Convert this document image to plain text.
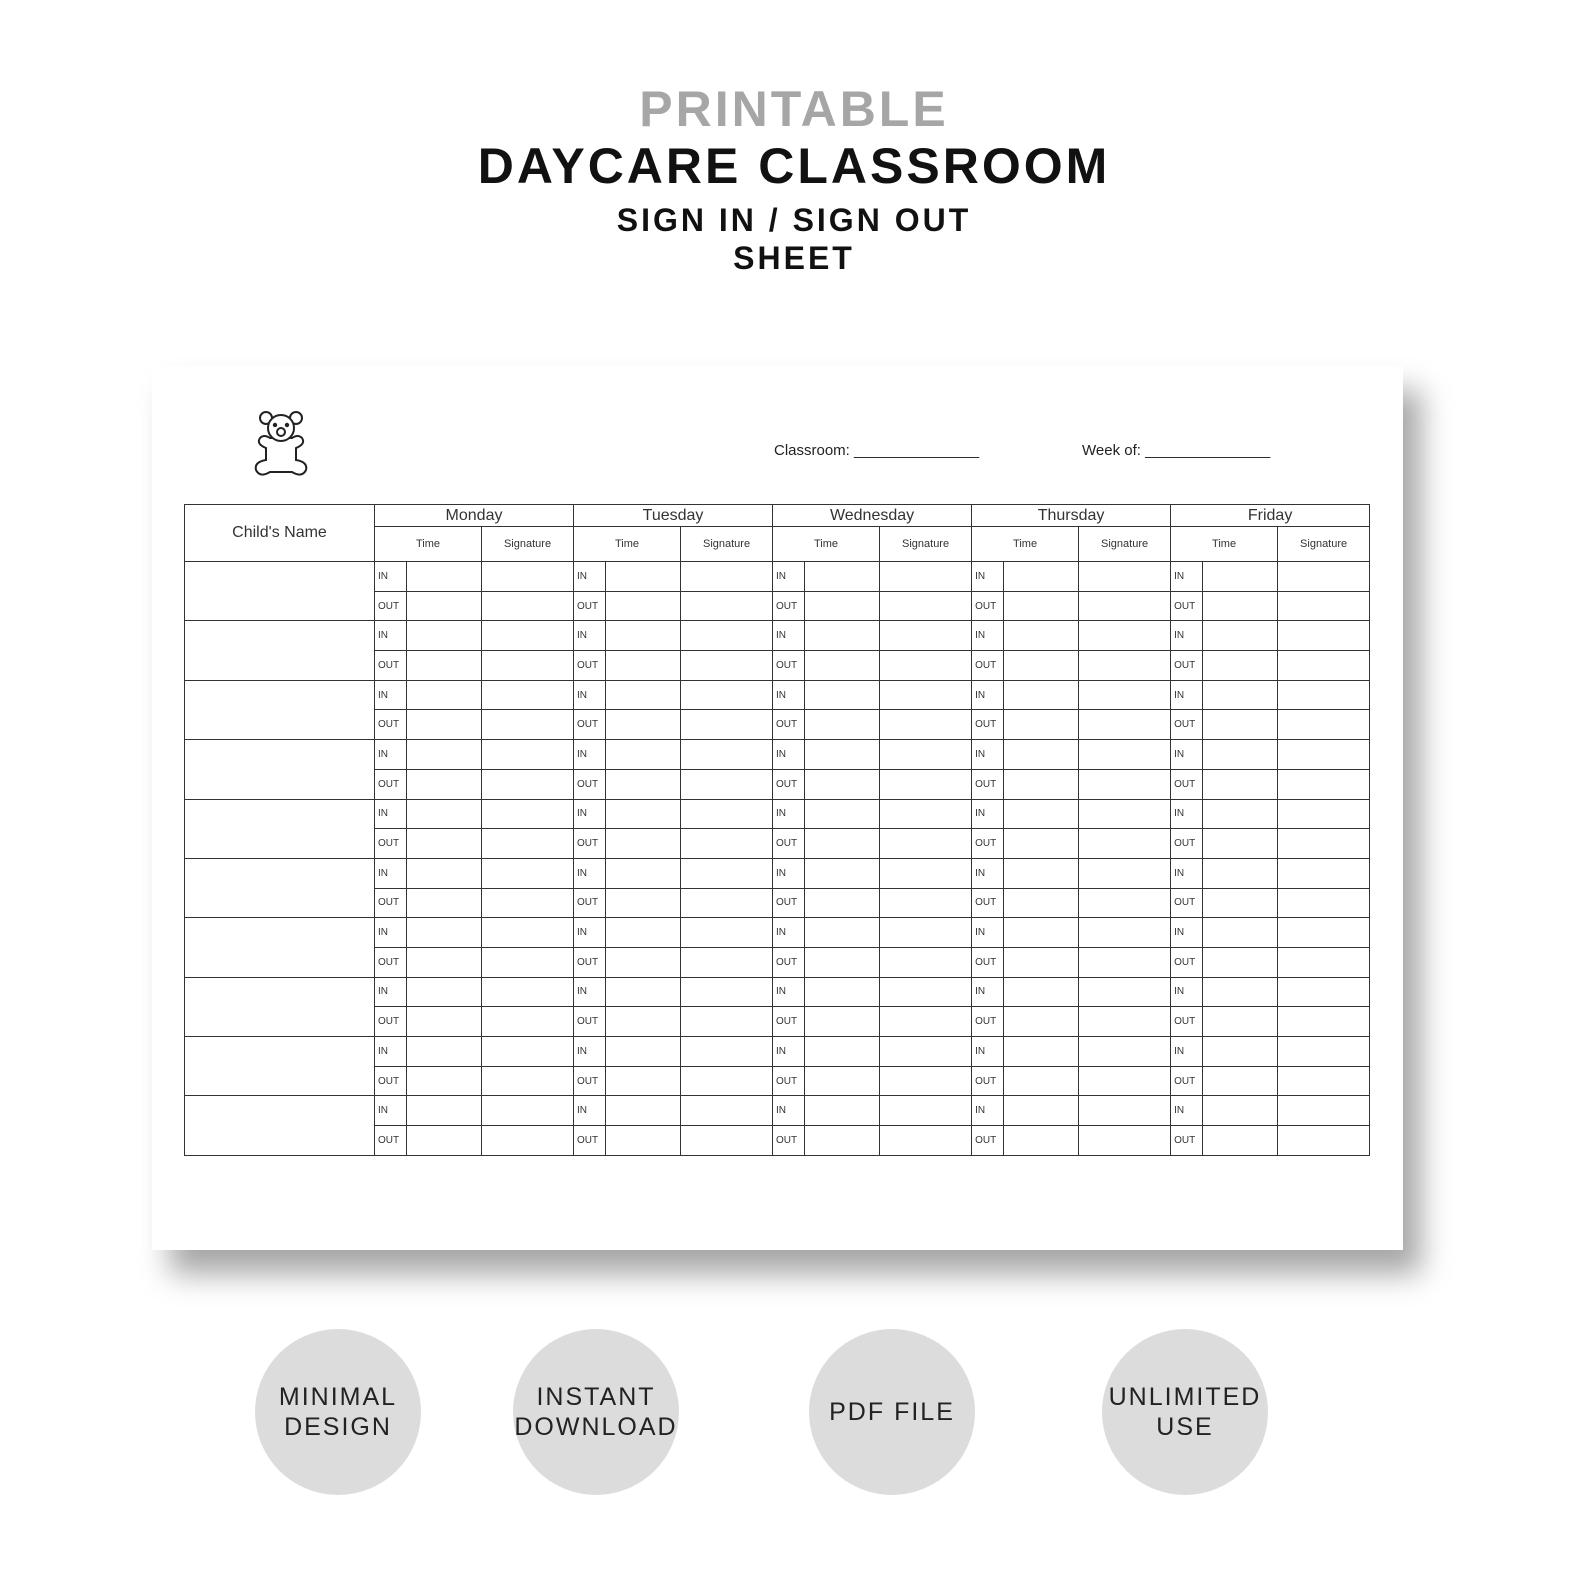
PRINTABLE
DAYCARE CLASSROOM
SIGN IN / SIGN OUT
SHEET
Classroom: _______________	Week of: _______________
Child's Name	Monday			Tuesday			Wednesday			Thursday			Friday		
	Time		Signature	Time		Signature	Time		Signature	Time		Signature	Time		Signature
	IN			IN			IN			IN			IN		
	OUT			OUT			OUT			OUT			OUT		
	IN			IN			IN			IN			IN		
	OUT			OUT			OUT			OUT			OUT		
	IN			IN			IN			IN			IN		
	OUT			OUT			OUT			OUT			OUT		
	IN			IN			IN			IN			IN		
	OUT			OUT			OUT			OUT			OUT		
	IN			IN			IN			IN			IN		
	OUT			OUT			OUT			OUT			OUT		
	IN			IN			IN			IN			IN		
	OUT			OUT			OUT			OUT			OUT		
	IN			IN			IN			IN			IN		
	OUT			OUT			OUT			OUT			OUT		
	IN			IN			IN			IN			IN		
	OUT			OUT			OUT			OUT			OUT		
	IN			IN			IN			IN			IN		
	OUT			OUT			OUT			OUT			OUT		
	IN			IN			IN			IN			IN		
	OUT			OUT			OUT			OUT			OUT		
MINIMAL
DESIGN
INSTANT
DOWNLOAD
PDF FILE
UNLIMITED
USE
